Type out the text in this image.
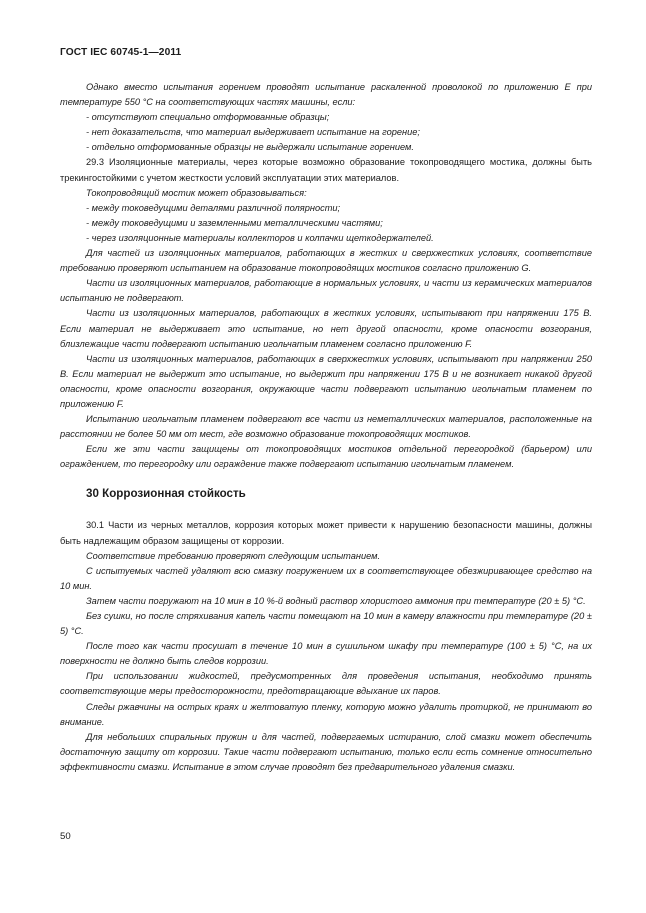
ГОСТ IEC 60745-1—2011

Однако вместо испытания горением проводят испытание раскаленной проволокой по приложению E при температуре 550 °С на соответствующих частях машины, если:

- отсутствуют специально отформованные образцы;

- нет доказательств, что материал выдерживает испытание на горение;

- отдельно отформованные образцы не выдержали испытание горением.

29.3 Изоляционные материалы, через которые возможно образование токопроводящего мостика, должны быть трекингостойкими с учетом жесткости условий эксплуатации этих материалов.

Токопроводящий мостик может образовываться:

- между токоведущими деталями различной полярности;

- между токоведущими и заземленными металлическими частями;

- через изоляционные материалы коллекторов и колпачки щеткодержателей.

Для частей из изоляционных материалов, работающих в жестких и сверхжестких условиях, соответствие требованию проверяют испытанием на образование токопроводящих мостиков согласно приложению G.

Части из изоляционных материалов, работающие в нормальных условиях, и части из керамических материалов испытанию не подвергают.

Части из изоляционных материалов, работающих в жестких условиях, испытывают при напряжении 175 В. Если материал не выдерживает это испытание, но нет другой опасности, кроме опасности возгорания, близлежащие части подвергают испытанию игольчатым пламенем согласно приложению F.

Части из изоляционных материалов, работающих в сверхжестких условиях, испытывают при напряжении 250 В. Если материал не выдержит это испытание, но выдержит при напряжении 175 В и не возникает никакой другой опасности, кроме опасности возгорания, окружающие части подвергают испытанию игольчатым пламенем по приложению F.

Испытанию игольчатым пламенем подвергают все части из неметаллических материалов, расположенные на расстоянии не более 50 мм от мест, где возможно образование токопроводящих мостиков.

Если же эти части защищены от токопроводящих мостиков отдельной перегородкой (барьером) или ограждением, то перегородку или ограждение также подвергают испытанию игольчатым пламенем.

30 Коррозионная стойкость

30.1 Части из черных металлов, коррозия которых может привести к нарушению безопасности машины, должны быть надлежащим образом защищены от коррозии.

Соответствие требованию проверяют следующим испытанием.

С испытуемых частей удаляют всю смазку погружением их в соответствующее обезжиривающее средство на 10 мин.

Затем части погружают на 10 мин в 10 %-й водный раствор хлористого аммония при температуре (20 ± 5) °С.

Без сушки, но после стряхивания капель части помещают на 10 мин в камеру влажности при температуре (20 ± 5) °С.

После того как части просушат в течение 10 мин в сушильном шкафу при температуре (100 ± 5) °С, на их поверхности не должно быть следов коррозии.

При использовании жидкостей, предусмотренных для проведения испытания, необходимо принять соответствующие меры предосторожности, предотвращающие вдыхание их паров.

Следы ржавчины на острых краях и желтоватую пленку, которую можно удалить протиркой, не принимают во внимание.

Для небольших спиральных пружин и для частей, подвергаемых истиранию, слой смазки может обеспечить достаточную защиту от коррозии. Такие части подвергают испытанию, только если есть сомнение относительно эффективности смазки. Испытание в этом случае проводят без предварительного удаления смазки.

50
